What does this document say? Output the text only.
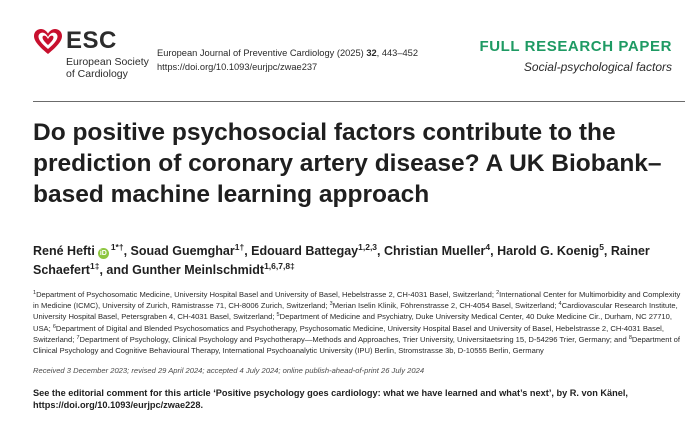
ESC
European Society
of Cardiology
European Journal of Preventive Cardiology (2025) 32, 443–452
https://doi.org/10.1093/eurjpc/zwae237
FULL RESEARCH PAPER
Social-psychological factors
Do positive psychosocial factors contribute to the prediction of coronary artery disease? A UK Biobank–based machine learning approach
René Hefti $iD^{1*\dagger}$, Souad Guemghar$^{1\dagger}$, Edouard Battegay$^{1,2,3}$, Christian Mueller$^4$, Harold G. Koenig$^5$, Rainer Schaefert$^{1\ddagger}$, and Gunther Meinlschmidt$^{1,6,7,8\ddagger}$
$^1$Department of Psychosomatic Medicine, University Hospital Basel and University of Basel, Hebelstrasse 2, CH-4031 Basel, Switzerland; $^2$International Center for Multimorbidity and Complexity in Medicine (ICMC), University of Zurich, Rämistrasse 71, CH-8006 Zurich, Switzerland; $^3$Merian Iselin Klinik, Föhrenstrasse 2, CH-4054 Basel, Switzerland; $^4$Cardiovascular Research Institute, University Hospital Basel, Petersgraben 4, CH-4031 Basel, Switzerland; $^5$Department of Medicine and Psychiatry, Duke University Medical Center, 40 Duke Medicine Cir., Durham, NC 27710, USA; $^6$Department of Digital and Blended Psychosomatics and Psychotherapy, Psychosomatic Medicine, University Hospital Basel and University of Basel, Hebelstrasse 2, CH-4031 Basel, Switzerland; $^7$Department of Psychology, Clinical Psychology and Psychotherapy—Methods and Approaches, Trier University, Universitaetsring 15, D-54296 Trier, Germany; and $^8$Department of Clinical Psychology and Cognitive Behavioural Therapy, International Psychoanalytic University (IPU) Berlin, Stromstrasse 3b, D-10555 Berlin, Germany
Received 3 December 2023; revised 29 April 2024; accepted 4 July 2024; online publish-ahead-of-print 26 July 2024
See the editorial comment for this article ‘Positive psychology goes cardiology: what we have learned and what’s next’, by R. von Känel, https://doi.org/10.1093/eurjpc/zwae228.
